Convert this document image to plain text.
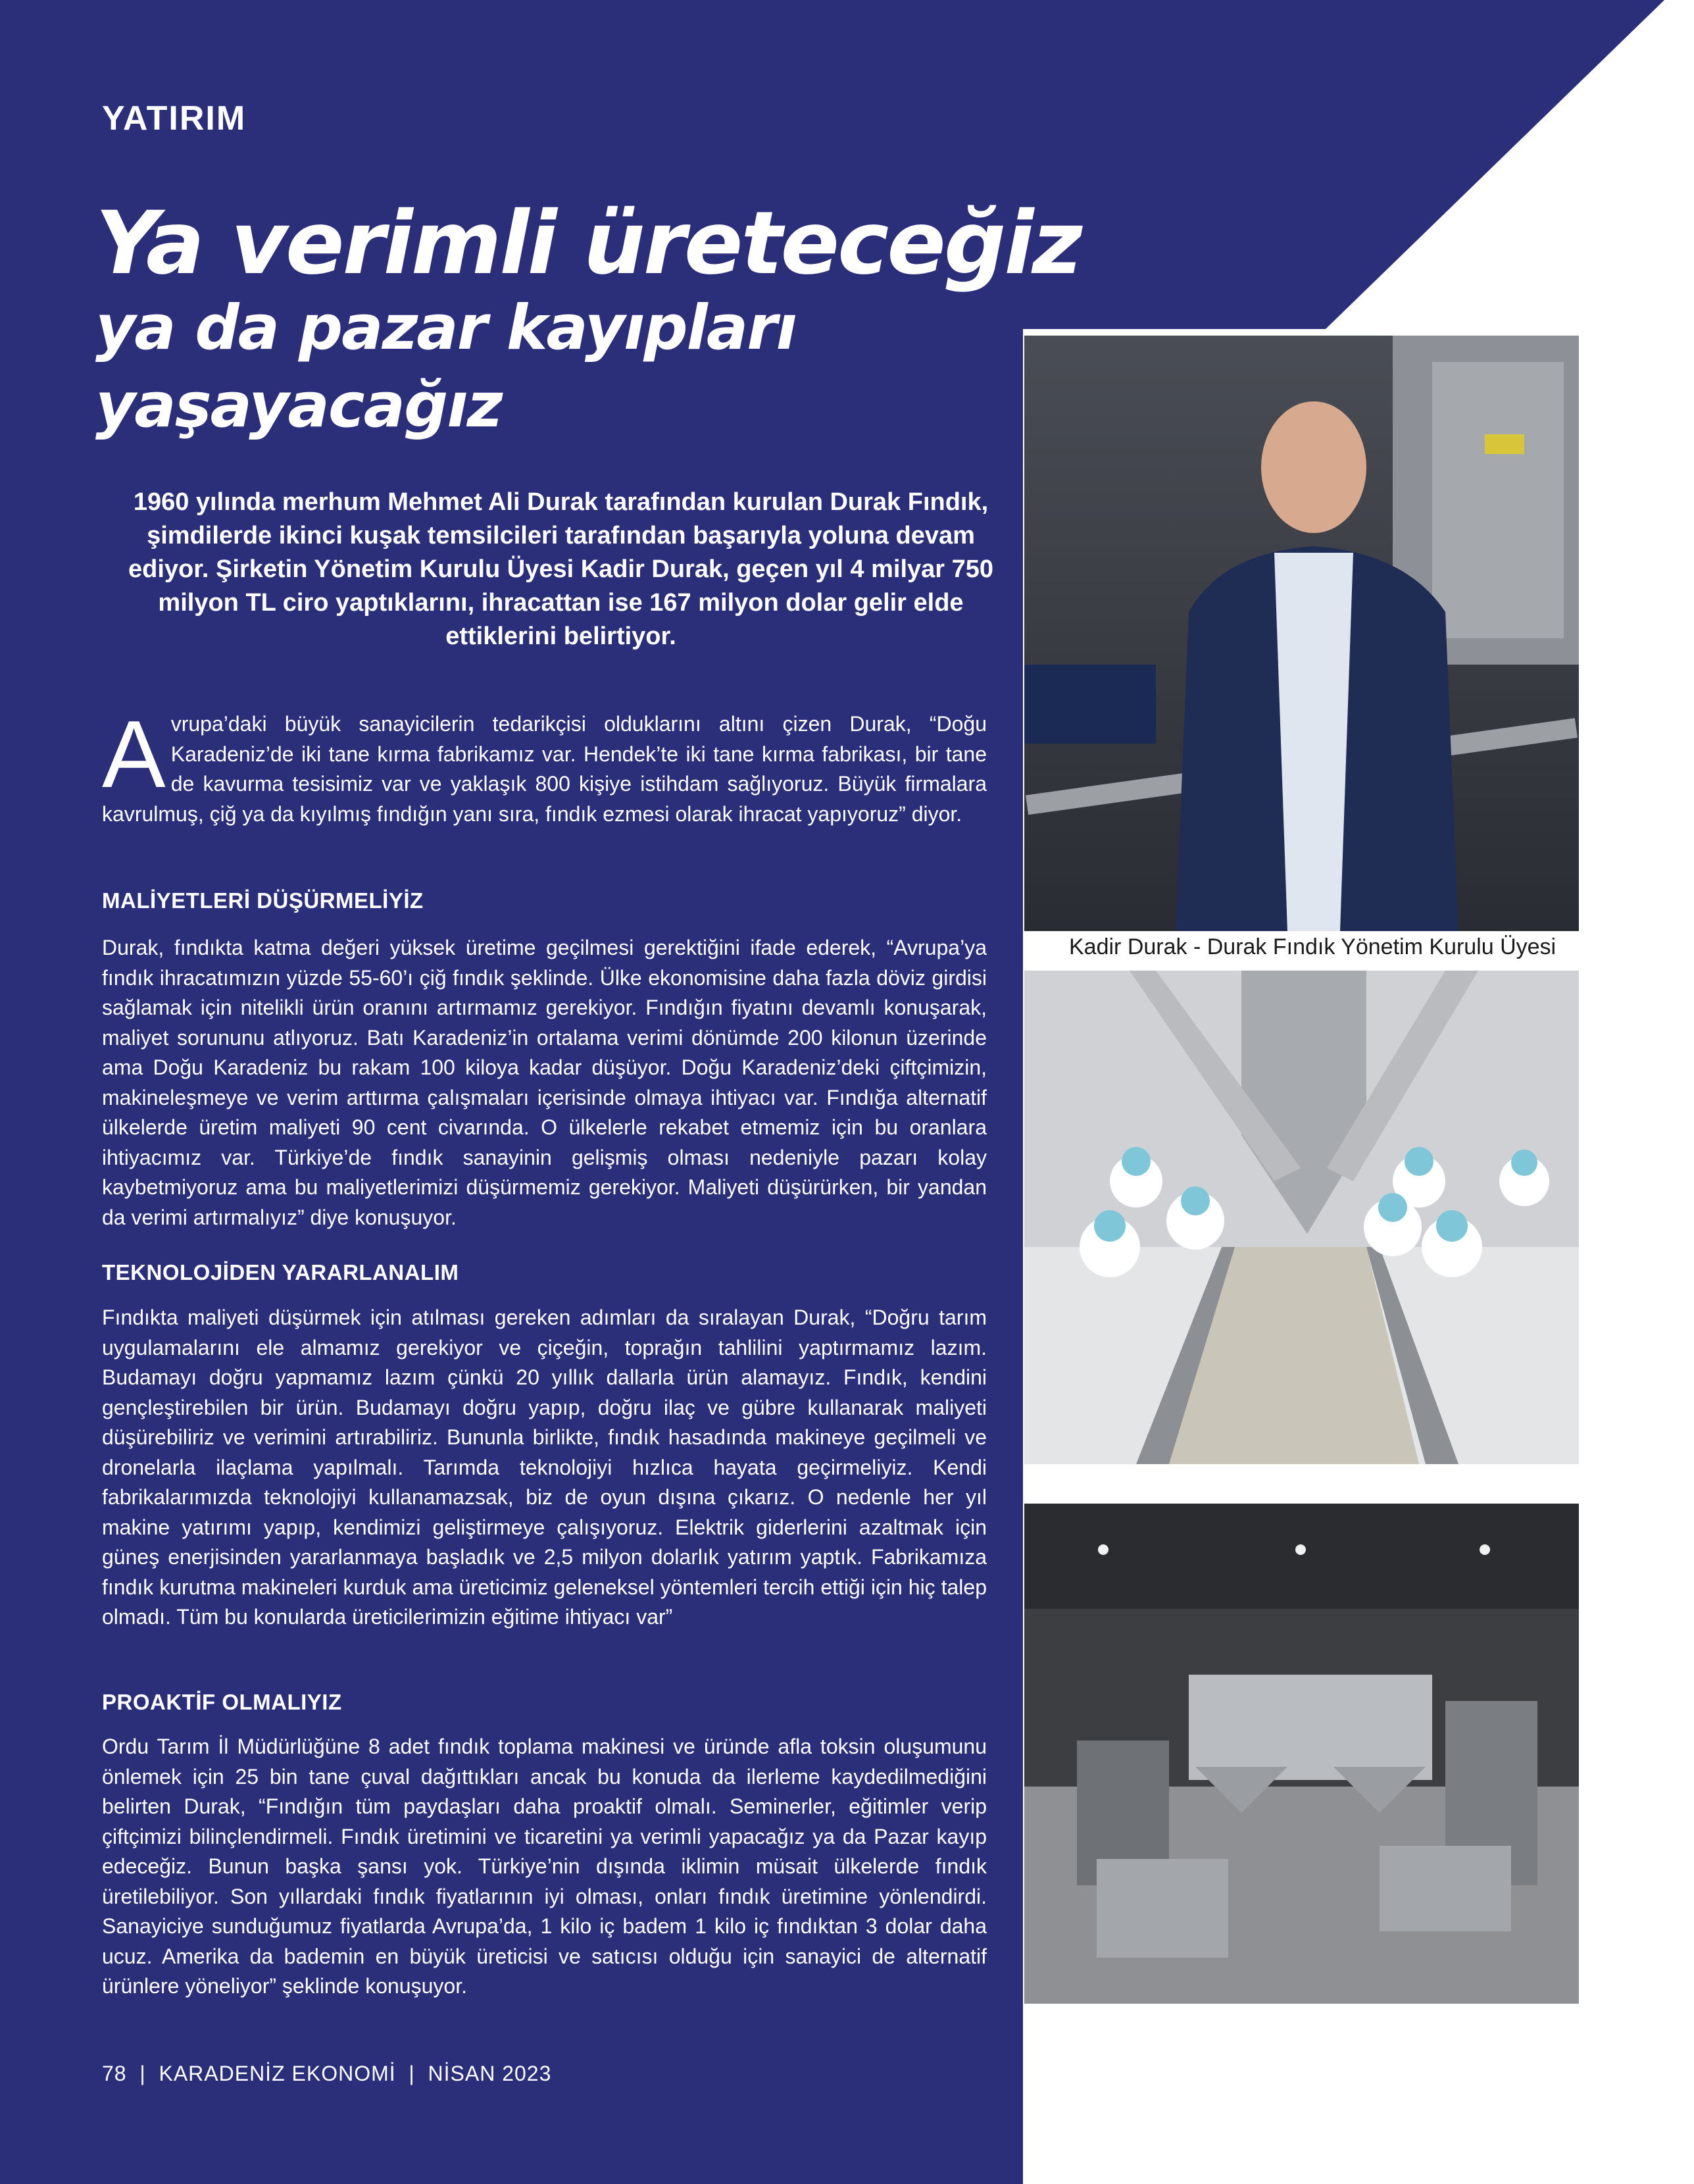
YATIRIM
Ya verimli üreteceğiz
ya da pazar kayıpları
yaşayacağız

1960 yılında merhum Mehmet Ali Durak tarafından kurulan Durak Fındık, şimdilerde ikinci kuşak temsilcileri tarafından başarıyla yoluna devam ediyor. Şirketin Yönetim Kurulu Üyesi Kadir Durak, geçen yıl 4 milyar 750 milyon TL ciro yaptıklarını, ihracattan ise 167 milyon dolar gelir elde ettiklerini belirtiyor.

Avrupa’daki büyük sanayicilerin tedarikçisi olduklarını altını çizen Durak, “Doğu Karadeniz’de iki tane kırma fabrikamız var. Hendek’te iki tane kırma fabrikası, bir tane de kavurma tesisimiz var ve yaklaşık 800 kişiye istihdam sağlıyoruz. Büyük firmalara kavrulmuş, çiğ ya da kıyılmış fındığın yanı sıra, fındık ezmesi olarak ihracat yapıyoruz” diyor.

MALİYETLERİ DÜŞÜRMELİYİZ

Durak, fındıkta katma değeri yüksek üretime geçilmesi gerektiğini ifade ederek, “Avrupa’ya fındık ihracatımızın yüzde 55-60’ı çiğ fındık şeklinde. Ülke ekonomisine daha fazla döviz girdisi sağlamak için nitelikli ürün oranını artırmamız gerekiyor. Fındığın fiyatını devamlı konuşarak, maliyet sorununu atlıyoruz. Batı Karadeniz’in ortalama verimi dönümde 200 kilonun üzerinde ama Doğu Karadeniz bu rakam 100 kiloya kadar düşüyor. Doğu Karadeniz’deki çiftçimizin, makineleşmeye ve verim arttırma çalışmaları içerisinde olmaya ihtiyacı var. Fındığa alternatif ülkelerde üretim maliyeti 90 cent civarında. O ülkelerle rekabet etmemiz için bu oranlara ihtiyacımız var. Türkiye’de fındık sanayinin gelişmiş olması nedeniyle pazarı kolay kaybetmiyoruz ama bu maliyetlerimizi düşürmemiz gerekiyor. Maliyeti düşürürken, bir yandan da verimi artırmalıyız” diye konuşuyor.

TEKNOLOJİDEN YARARLANALIM

Fındıkta maliyeti düşürmek için atılması gereken adımları da sıralayan Durak, “Doğru tarım uygulamalarını ele almamız gerekiyor ve çiçeğin, toprağın tahlilini yaptırmamız lazım. Budamayı doğru yapmamız lazım çünkü 20 yıllık dallarla ürün alamayız. Fındık, kendini gençleştirebilen bir ürün. Budamayı doğru yapıp, doğru ilaç ve gübre kullanarak maliyeti düşürebiliriz ve verimini artırabiliriz. Bununla birlikte, fındık hasadında makineye geçilmeli ve dronelarla ilaçlama yapılmalı. Tarımda teknolojiyi hızlıca hayata geçirmeliyiz. Kendi fabrikalarımızda teknolojiyi kullanamazsak, biz de oyun dışına çıkarız. O nedenle her yıl makine yatırımı yapıp, kendimizi geliştirmeye çalışıyoruz. Elektrik giderlerini azaltmak için güneş enerjisinden yararlanmaya başladık ve 2,5 milyon dolarlık yatırım yaptık. Fabrikamıza fındık kurutma makineleri kurduk ama üreticimiz geleneksel yöntemleri tercih ettiği için hiç talep olmadı. Tüm bu konularda üreticilerimizin eğitime ihtiyacı var”

PROAKTİF OLMALIYIZ

Ordu Tarım İl Müdürlüğüne 8 adet fındık toplama makinesi ve üründe afla toksin oluşumunu önlemek için 25 bin tane çuval dağıttıkları ancak bu konuda da ilerleme kaydedilmediğini belirten Durak, “Fındığın tüm paydaşları daha proaktif olmalı. Seminerler, eğitimler verip çiftçimizi bilinçlendirmeli. Fındık üretimini ve ticaretini ya verimli yapacağız ya da Pazar kayıp edeceğiz. Bunun başka şansı yok. Türkiye’nin dışında iklimin müsait ülkelerde fındık üretilebiliyor. Son yıllardaki fındık fiyatlarının iyi olması, onları fındık üretimine yönlendirdi. Sanayiciye sunduğumuz fiyatlarda Avrupa’da, 1 kilo iç badem 1 kilo iç fındıktan 3 dolar daha ucuz. Amerika da bademin en büyük üreticisi ve satıcısı olduğu için sanayici de alternatif ürünlere yöneliyor” şeklinde konuşuyor.

Kadir Durak - Durak Fındık Yönetim Kurulu Üyesi
78  |  KARADENİZ EKONOMİ  |  NİSAN 2023
